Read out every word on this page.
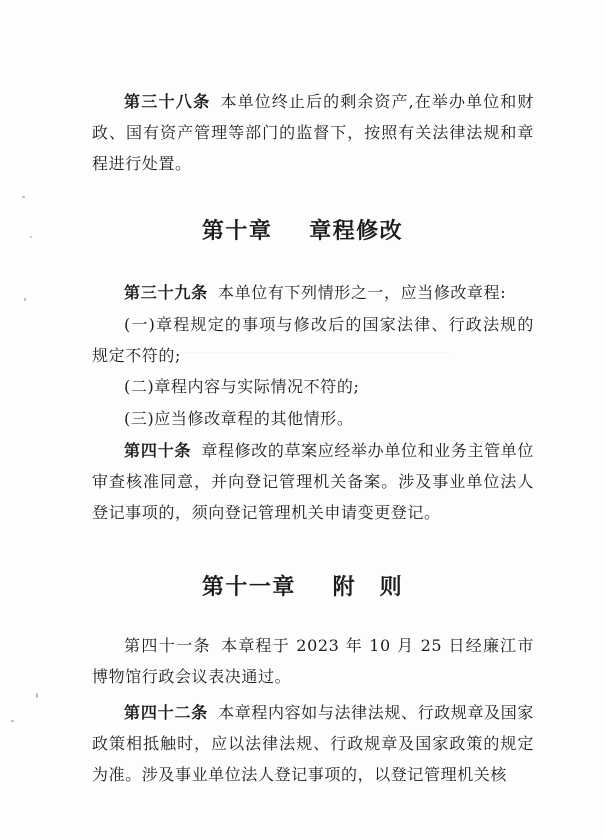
第三十八条 本单位终止后的剩余资产,在举办单位和财政、国有资产管理等部门的监督下，按照有关法律法规和章程进行处置。

第十章 章程修改

第三十九条 本单位有下列情形之一，应当修改章程:

(一)章程规定的事项与修改后的国家法律、行政法规的规定不符的;

(二)章程内容与实际情况不符的;

(三)应当修改章程的其他情形。

第四十条 章程修改的草案应经举办单位和业务主管单位审查核准同意，并向登记管理机关备案。涉及事业单位法人登记事项的，须向登记管理机关申请变更登记。

第十一章 附　则

第四十一条 本章程于 2023 年 10 月 25 日经廉江市博物馆行政会议表决通过。

第四十二条 本章程内容如与法律法规、行政规章及国家政策相抵触时，应以法律法规、行政规章及国家政策的规定为准。涉及事业单位法人登记事项的，以登记管理机关核
